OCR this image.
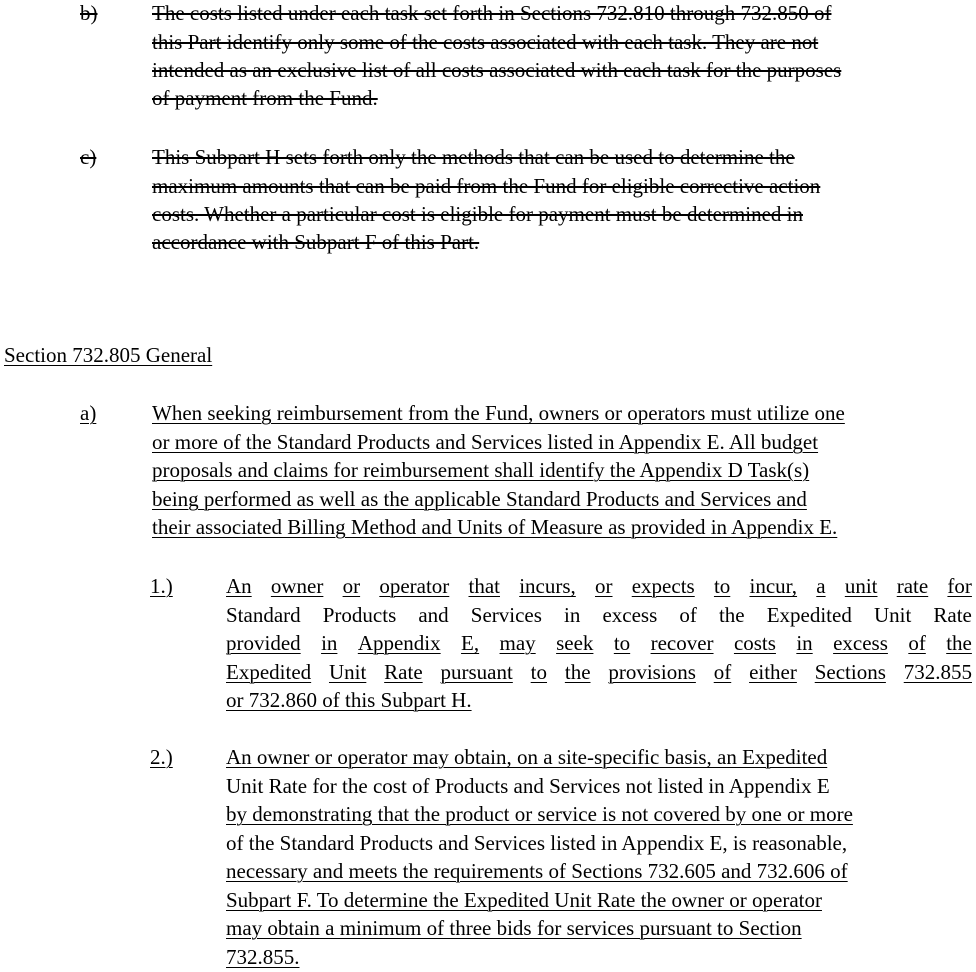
b)	The costs listed under each task set forth in Sections 732.810 through 732.850 of
this Part identify only some of the costs associated with each task. They are not
intended as an exclusive list of all costs associated with each task for the purposes
of payment from the Fund.
c)	This Subpart H sets forth only the methods that can be used to determine the
maximum amounts that can be paid from the Fund for eligible corrective action
costs. Whether a particular cost is eligible for payment must be determined in
accordance with Subpart F of this Part.
Section 732.805 General
a)	When seeking reimbursement from the Fund, owners or operators must utilize one
or more of the Standard Products and Services listed in Appendix E. All budget
proposals and claims for reimbursement shall identify the Appendix D Task(s)
being performed as well as the applicable Standard Products and Services and
their associated Billing Method and Units of Measure as provided in Appendix E.
1.)	An owner or operator that incurs, or expects to incur, a unit rate for
Standard Products and Services in excess of the Expedited Unit Rate
provided in Appendix E, may seek to recover costs in excess of the
Expedited Unit Rate pursuant to the provisions of either Sections 732.855
or 732.860 of this Subpart H.
2.)	An owner or operator may obtain, on a site-specific basis, an Expedited
Unit Rate for the cost of Products and Services not listed in Appendix E
by demonstrating that the product or service is not covered by one or more
of the Standard Products and Services listed in Appendix E, is reasonable,
necessary and meets the requirements of Sections 732.605 and 732.606 of
Subpart F. To determine the Expedited Unit Rate the owner or operator
may obtain a minimum of three bids for services pursuant to Section
732.855.
